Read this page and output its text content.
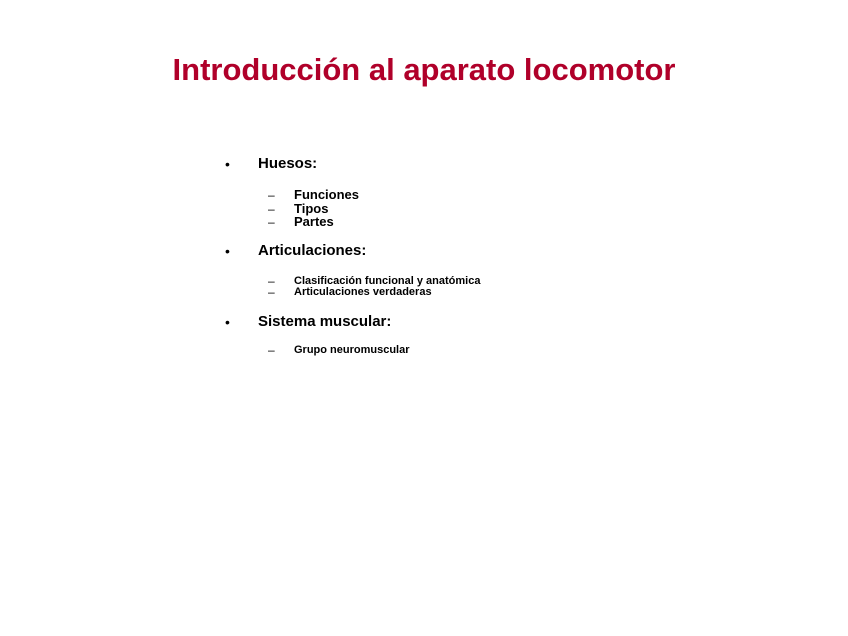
Introducción al aparato locomotor
• Huesos:
– Funciones
– Tipos
– Partes
• Articulaciones:
– Clasificación funcional y anatómica
– Articulaciones verdaderas
• Sistema muscular:
– Grupo neuromuscular
